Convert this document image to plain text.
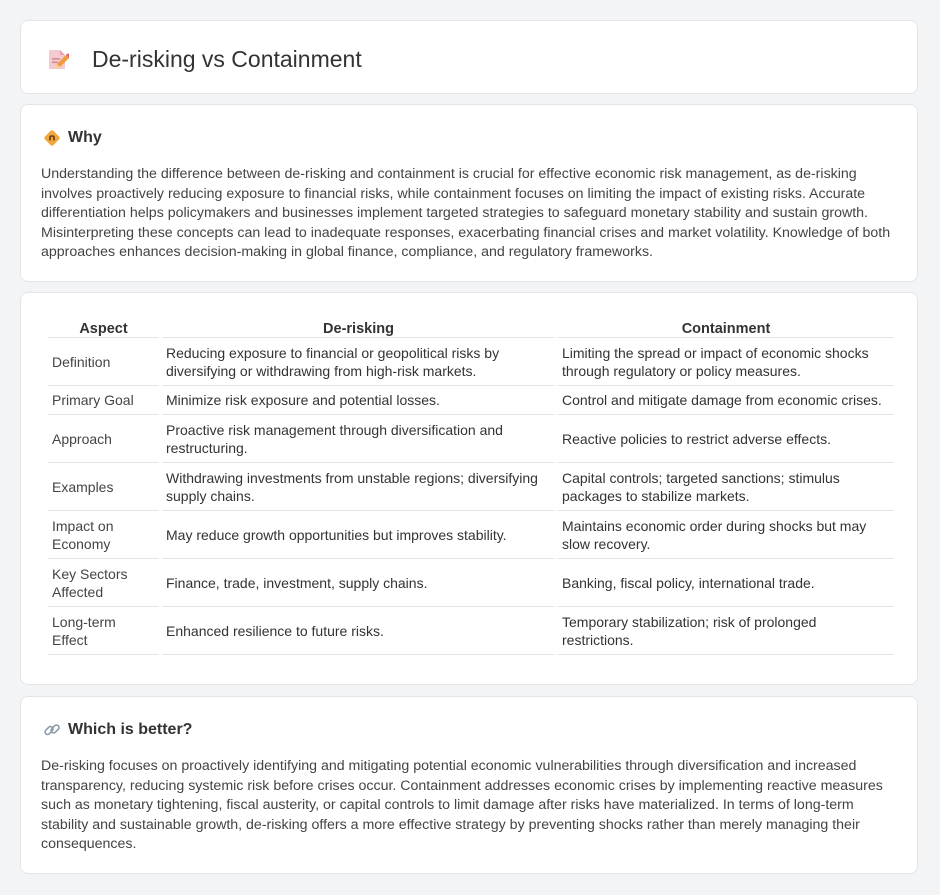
De-risking vs Containment
Why

Understanding the difference between de-risking and containment is crucial for effective economic risk management, as de-risking involves proactively reducing exposure to financial risks, while containment focuses on limiting the impact of existing risks. Accurate differentiation helps policymakers and businesses implement targeted strategies to safeguard monetary stability and sustain growth. Misinterpreting these concepts can lead to inadequate responses, exacerbating financial crises and market volatility. Knowledge of both approaches enhances decision-making in global finance, compliance, and regulatory frameworks.

Aspect	De-risking	Containment
Definition	Reducing exposure to financial or geopolitical risks by diversifying or withdrawing from high-risk markets.	Limiting the spread or impact of economic shocks through regulatory or policy measures.
Primary Goal	Minimize risk exposure and potential losses.	Control and mitigate damage from economic crises.
Approach	Proactive risk management through diversification and restructuring.	Reactive policies to restrict adverse effects.
Examples	Withdrawing investments from unstable regions; diversifying supply chains.	Capital controls; targeted sanctions; stimulus packages to stabilize markets.
Impact on Economy	May reduce growth opportunities but improves stability.	Maintains economic order during shocks but may slow recovery.
Key Sectors Affected	Finance, trade, investment, supply chains.	Banking, fiscal policy, international trade.
Long-term Effect	Enhanced resilience to future risks.	Temporary stabilization; risk of prolonged restrictions.
Which is better?

De-risking focuses on proactively identifying and mitigating potential economic vulnerabilities through diversification and increased transparency, reducing systemic risk before crises occur. Containment addresses economic crises by implementing reactive measures such as monetary tightening, fiscal austerity, or capital controls to limit damage after risks have materialized. In terms of long-term stability and sustainable growth, de-risking offers a more effective strategy by preventing shocks rather than merely managing their consequences.
